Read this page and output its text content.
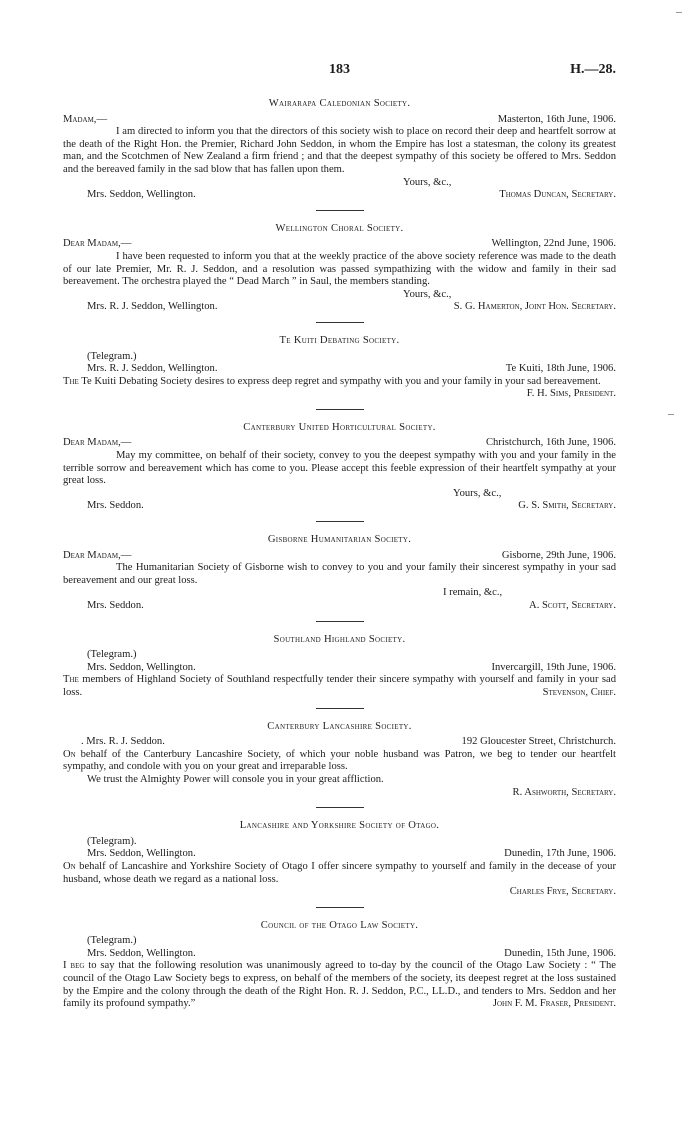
183	H.—28.
Wairarapa Caledonian Society.
Madam,—	Masterton, 16th June, 1906.
I am directed to inform you that the directors of this society wish to place on record their deep and heartfelt sorrow at the death of the Right Hon. the Premier, Richard John Seddon, in whom the Empire has lost a statesman, the colony its greatest man, and the Scotchmen of New Zealand a firm friend ; and that the deepest sympathy of this society be offered to Mrs. Seddon and the bereaved family in the sad blow that has fallen upon them.
Yours, &c.,
Mrs. Seddon, Wellington.	Thomas Duncan, Secretary.
Wellington Choral Society.
Dear Madam,—	Wellington, 22nd June, 1906.
I have been requested to inform you that at the weekly practice of the above society reference was made to the death of our late Premier, Mr. R. J. Seddon, and a resolution was passed sympathizing with the widow and family in their sad bereavement. The orchestra played the “ Dead March ” in Saul, the members standing.
Yours, &c.,
Mrs. R. J. Seddon, Wellington.	S. G. Hamerton, Joint Hon. Secretary.
Te Kuiti Debating Society.
(Telegram.)
Mrs. R. J. Seddon, Wellington.	Te Kuiti, 18th June, 1906.
The Te Kuiti Debating Society desires to express deep regret and sympathy with you and your family in your sad bereavement.
F. H. Sims, President.
Canterbury United Horticultural Society.
Dear Madam,—	Christchurch, 16th June, 1906.
May my committee, on behalf of their society, convey to you the deepest sympathy with you and your family in the terrible sorrow and bereavement which has come to you. Please accept this feeble expression of their heartfelt sympathy at your great loss.
Yours, &c.,
Mrs. Seddon.	G. S. Smith, Secretary.
Gisborne Humanitarian Society.
Dear Madam,—	Gisborne, 29th June, 1906.
The Humanitarian Society of Gisborne wish to convey to you and your family their sincerest sympathy in your sad bereavement and our great loss.
I remain, &c.,
Mrs. Seddon.	A. Scott, Secretary.
Southland Highland Society.
(Telegram.)
Mrs. Seddon, Wellington.	Invercargill, 19th June, 1906.
The members of Highland Society of Southland respectfully tender their sincere sympathy with yourself and family in your sad loss.	Stevenson, Chief.
Canterbury Lancashire Society.
. Mrs. R. J. Seddon.	192 Gloucester Street, Christchurch.
On behalf of the Canterbury Lancashire Society, of which your noble husband was Patron, we beg to tender our heartfelt sympathy, and condole with you on your great and irreparable loss.
We trust the Almighty Power will console you in your great affliction.
R. Ashworth, Secretary.
Lancashire and Yorkshire Society of Otago.
(Telegram).
Mrs. Seddon, Wellington.	Dunedin, 17th June, 1906.
On behalf of Lancashire and Yorkshire Society of Otago I offer sincere sympathy to yourself and family in the decease of your husband, whose death we regard as a national loss.
Charles Frye, Secretary.
Council of the Otago Law Society.
(Telegram.)
Mrs. Seddon, Wellington.	Dunedin, 15th June, 1906.
I beg to say that the following resolution was unanimously agreed to to-day by the council of the Otago Law Society : “ The council of the Otago Law Society begs to express, on behalf of the members of the society, its deepest regret at the loss sustained by the Empire and the colony through the death of the Right Hon. R. J. Seddon, P.C., LL.D., and tenders to Mrs. Seddon and her family its profound sympathy.”	John F. M. Fraser, President.
